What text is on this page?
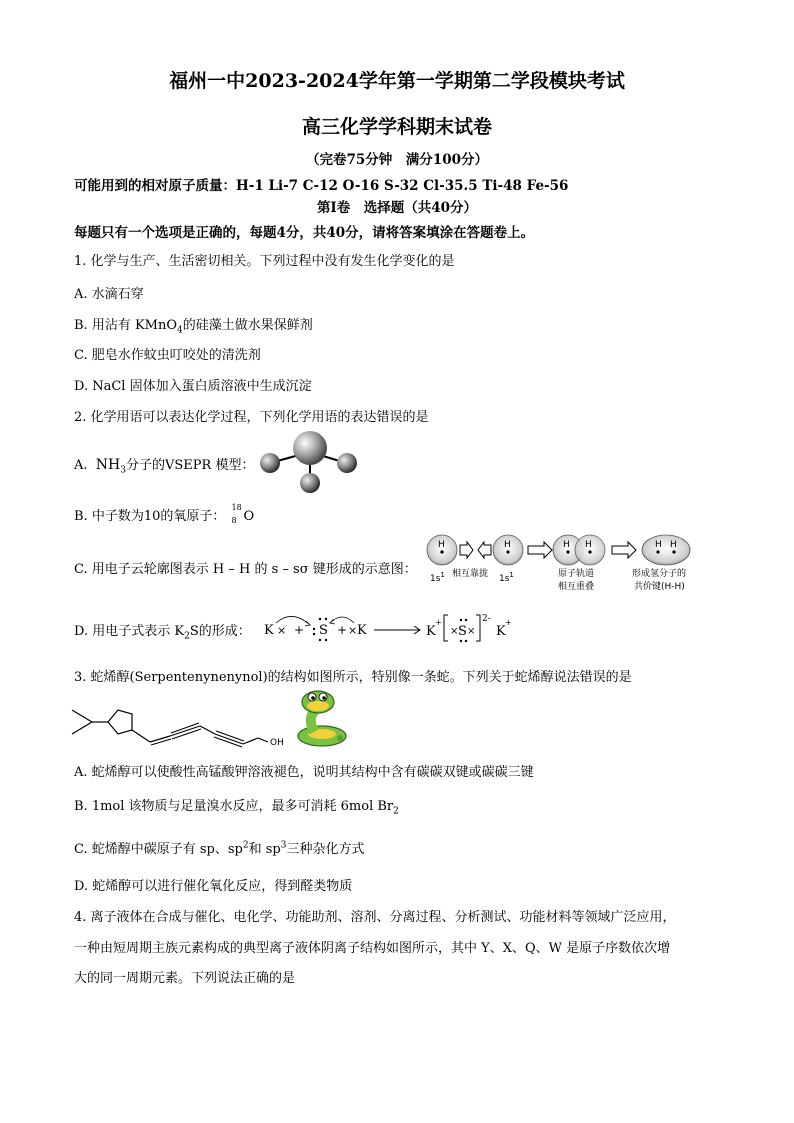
福州一中2023-2024学年第一学期第二学段模块考试
高三化学学科期末试卷
（完卷75分钟　满分100分）
可能用到的相对原子质量：H-1 Li-7 C-12 O-16 S-32 Cl-35.5 Ti-48 Fe-56
第Ⅰ卷　选择题（共40分）
每题只有一个选项是正确的，每题4分，共40分，请将答案填涂在答题卷上。
1. 化学与生产、生活密切相关。下列过程中没有发生化学变化的是
A. 水滴石穿
B. 用沾有 KMnO$_4$的硅藻土做水果保鲜剂
C. 肥皂水作蚊虫叮咬处的清洗剂
D. NaCl 固体加入蛋白质溶液中生成沉淀
2. 化学用语可以表达化学过程，下列化学用语的表达错误的是
A. $NH_3$分子的VSEPR 模型：
B. 中子数为10的氧原子：
18
8 O
C. 用电子云轮廓图表示 H – H 的 s – sσ 键形成的示意图：
H	H	H H	H H
$1s^1$ 相互靠拢 $1s^1$	原子轨道
相互重叠
形成氢分子的
共价键(H-H)
D. 用电子式表示 $K_2S$的形成： K × + S + × K	K
+
× S ×
2-
K
+
3. 蛇烯醇(Serpentenynenynol)的结构如图所示，特别像一条蛇。下列关于蛇烯醇说法错误的是
OH
A. 蛇烯醇可以使酸性高锰酸钾溶液褪色，说明其结构中含有碳碳双键或碳碳三键
B. 1mol 该物质与足量溴水反应，最多可消耗 6mol $Br_2$
C. 蛇烯醇中碳原子有 sp、$sp^2$和 $sp^3$三种杂化方式
D. 蛇烯醇可以进行催化氧化反应，得到醛类物质
4. 离子液体在合成与催化、电化学、功能助剂、溶剂、分离过程、分析测试、功能材料等领域广泛应用，
一种由短周期主族元素构成的典型离子液体阴离子结构如图所示，其中 Y、X、Q、W 是原子序数依次增
大的同一周期元素。下列说法正确的是
